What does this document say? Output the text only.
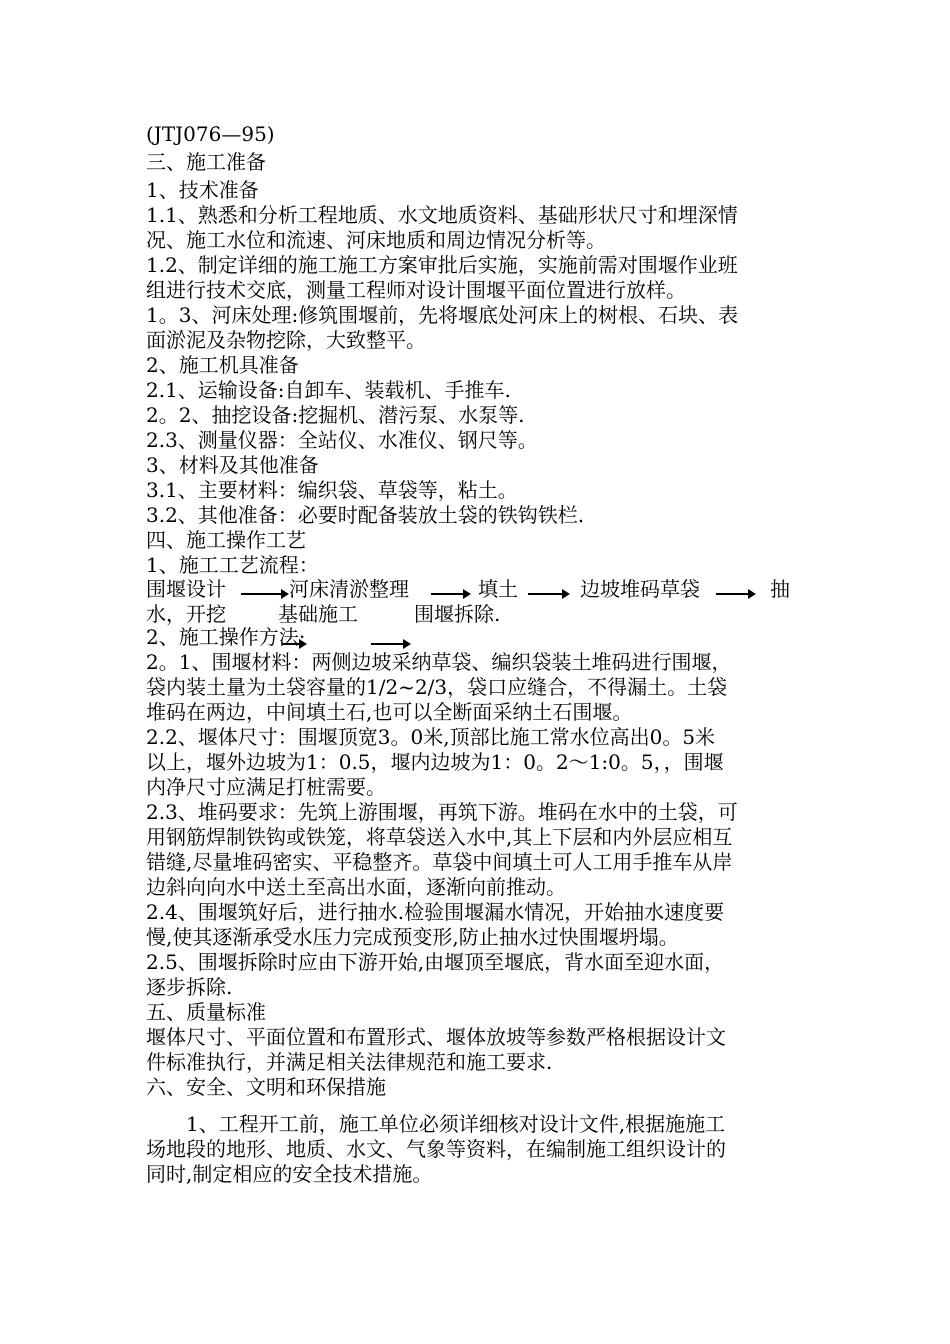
(JTJ076—95)
三、施工准备
1、技术准备
1.1、熟悉和分析工程地质、水文地质资料、基础形状尺寸和埋深情
况、施工水位和流速、河床地质和周边情况分析等。
1.2、制定详细的施工施工方案审批后实施，实施前需对围堰作业班
组进行技术交底，测量工程师对设计围堰平面位置进行放样。
1。3、河床处理:修筑围堰前，先将堰底处河床上的树根、石块、表
面淤泥及杂物挖除，大致整平。
2、施工机具准备
2.1、运输设备:自卸车、装载机、手推车.
2。2、抽挖设备:挖掘机、潜污泵、水泵等.
2.3、测量仪器：全站仪、水准仪、钢尺等。
3、材料及其他准备
3.1、主要材料：编织袋、草袋等，粘土。
3.2、其他准备：必要时配备装放土袋的铁钩铁栏.
四、施工操作工艺
1、施工工艺流程：
围堰设计	河床清淤整理	填土	边坡堆码草袋	抽
水，开挖	基础施工	围堰拆除.
2、施工操作方法:
2。1、围堰材料：两侧边坡采纳草袋、编织袋装土堆码进行围堰，
袋内装土量为土袋容量的1/2~2/3，袋口应缝合，不得漏土。土袋
堆码在两边，中间填土石,也可以全断面采纳土石围堰。
2.2、堰体尺寸：围堰顶宽3。0米,顶部比施工常水位高出0。5米
以上，堰外边坡为1：0.5，堰内边坡为1：0。2～1:0。5，，围堰
内净尺寸应满足打桩需要。
2.3、堆码要求：先筑上游围堰，再筑下游。堆码在水中的土袋，可
用钢筋焊制铁钩或铁笼，将草袋送入水中,其上下层和内外层应相互
错缝,尽量堆码密实、平稳整齐。草袋中间填土可人工用手推车从岸
边斜向向水中送土至高出水面，逐渐向前推动。
2.4、围堰筑好后，进行抽水.检验围堰漏水情况，开始抽水速度要
慢,使其逐渐承受水压力完成预变形,防止抽水过快围堰坍塌。
2.5、围堰拆除时应由下游开始,由堰顶至堰底，背水面至迎水面，
逐步拆除.
五、质量标准
堰体尺寸、平面位置和布置形式、堰体放坡等参数严格根据设计文
件标准执行，并满足相关法律规范和施工要求.
六、安全、文明和环保措施
1、工程开工前，施工单位必须详细核对设计文件,根据施施工
场地段的地形、地质、水文、气象等资料，在编制施工组织设计的
同时,制定相应的安全技术措施。
